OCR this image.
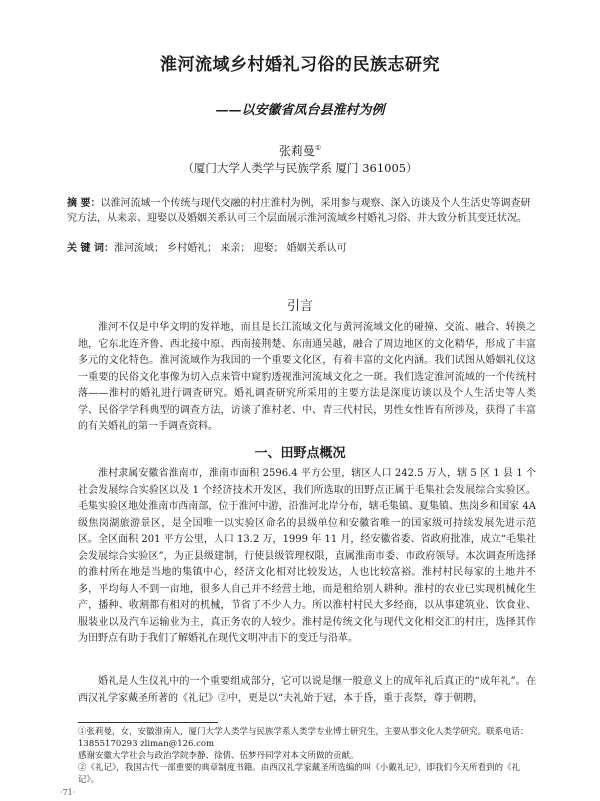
淮河流域乡村婚礼习俗的民族志研究
——以安徽省凤台县淮村为例
张莉曼①
（厦门大学人类学与民族学系 厦门 361005）
摘 要：以淮河流域一个传统与现代交融的村庄淮村为例，采用参与观察、深入访谈及个人生活史等调查研究方法，从来亲、迎娶以及婚姻关系认可三个层面展示淮河流域乡村婚礼习俗、并大致分析其变迁状况。
关 键 词：淮河流域； 乡村婚礼； 来亲； 迎娶； 婚姻关系认可
引言

淮河不仅是中华文明的发祥地，而且是长江流域文化与黄河流域文化的碰撞、交流、融合、转换之地，它东北连齐鲁、西北接中原、西南接荆楚、东南通吴越，融合了周边地区的文化精华，形成了丰富多元的文化特色。淮河流域作为我国的一个重要文化区，有着丰富的文化内涵。我们试图从婚姻礼仪这一重要的民俗文化事像为切入点来管中窥豹透视淮河流域文化之一斑。我们选定淮河流域的一个传统村落——淮村的婚礼进行调查研究。婚礼调查研究所采用的主要方法是深度访谈以及个人生活史等人类学、民俗学学科典型的调查方法，访谈了淮村老、中、青三代村民，男性女性皆有所涉及，获得了丰富的有关婚礼的第一手调查资料。

一、田野点概况

淮村隶属安徽省淮南市，淮南市面积 2596.4 平方公里，辖区人口 242.5 万人，辖 5 区 1 县 1 个社会发展综合实验区以及 1 个经济技术开发区，我们所选取的田野点正属于毛集社会发展综合实验区。毛集实验区地处淮南市西南部，位于淮河中游，沿淮河北岸分布，辖毛集镇、夏集镇、焦岗乡和国家 4A 级焦岗湖旅游景区，是全国唯一以实验区命名的县级单位和安徽省唯一的国家级可持续发展先进示范区。全区面积 201 平方公里，人口 13.2 万，1999 年 11 月，经安徽省委、省政府批准，成立“毛集社会发展综合实验区”，为正县级建制，行使县级管理权限，直属淮南市委、市政府领导。本次调查所选择的淮村所在地是当地的集镇中心，经济文化相对比较发达，人也比较富裕。淮村村民每家的土地并不多，平均每人不到一亩地，很多人自己并不经营土地，而是租给别人耕种。淮村的农业已实现机械化生产，播种、收割都有相对的机械，节省了不少人力。所以淮村村民大多经商，以从事建筑业、饮食业、服装业以及汽车运输业为主，真正务农的人较少。淮村是传统文化与现代文化相交汇的村庄，选择其作为田野点有助于我们了解婚礼在现代文明冲击下的变迁与沿革。

婚礼是人生仪礼中的一个重要组成部分，它可以说是继一般意义上的成年礼后真正的“成年礼”。在西汉礼学家戴圣所著的《礼记》②中，更是以“夫礼始于冠，本于昏，重于丧祭，尊于朝聘，

①张莉曼，女，安徽淮南人，厦门大学人类学与民族学系人类学专业博士研究生，主要从事文化人类学研究。联系电话：13855170293 zliman@126.com

感谢安徽大学社会与政治学院李静、徐倩、伍梦丹同学对本文所做的贡献。

②《礼记》，我国古代一部重要的典章制度书籍。由西汉礼学家戴圣所选编的叫《小戴礼记》，即我们今天所看到的《礼记》。

·71·
